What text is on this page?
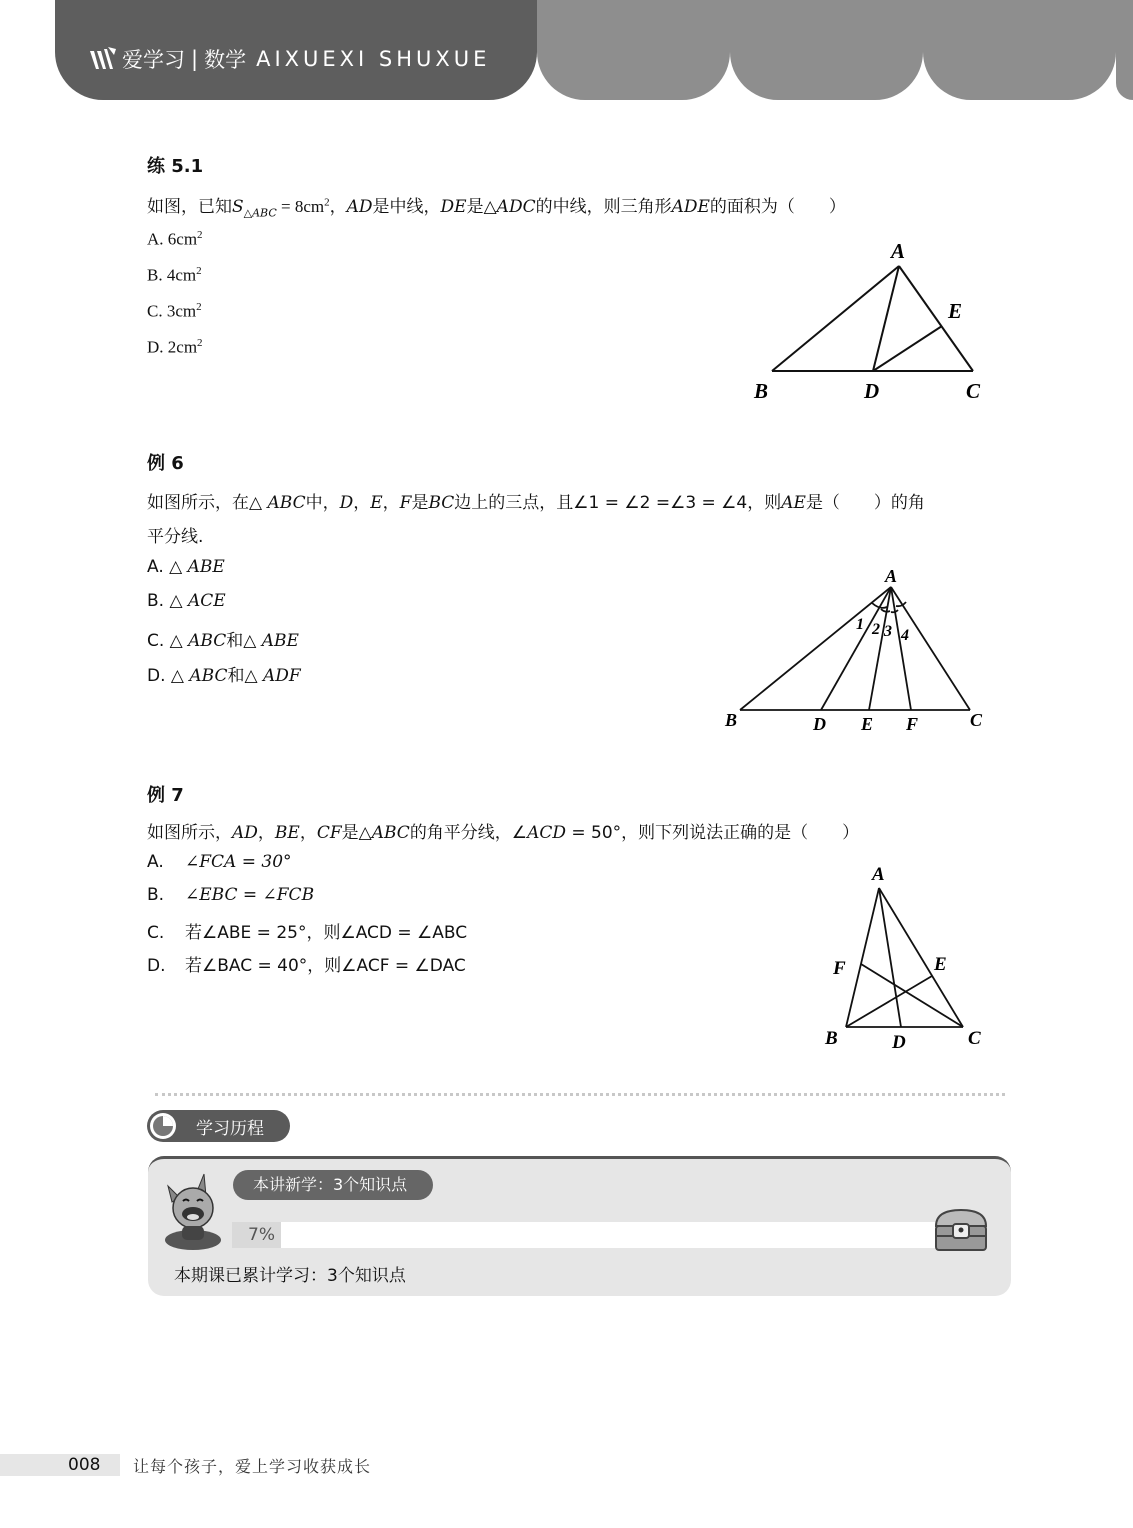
爱学习 | 数学 AIXUEXI SHUXUE
练 5.1
如图，已知$S_{\triangle ABC} = 8cm^2$，AD是中线，DE是△ADC的中线，则三角形ADE的面积为（　　）
A. $6cm^2$
B. $4cm^2$
C. $3cm^2$
D. $2cm^2$
A
B	D	C
E
例 6
如图所示，在△ ABC中，D，E，F是BC边上的三点，且∠1 = ∠2 =∠3 = ∠4，则AE是（　　）的角
平分线.
A. △ ABE
B. △ ACE
C. △ ABC和△ ABE
D. △ ABC和△ ADF
A
B	D E F	C
1 2 3 4
例 7
如图所示，AD，BE，CF是△ABC的角平分线，∠ACD = 50°，则下列说法正确的是（　　）
A. ∠FCA = 30°
B. ∠EBC = ∠FCB
C. 若∠ABE = 25°，则∠ACD = ∠ABC
D. 若∠BAC = 40°，则∠ACF = ∠DAC
A
F	E
B	D	C
学习历程
7%
本讲新学：3个知识点
本期课已累计学习：3个知识点
008 让每个孩子，爱上学习收获成长
